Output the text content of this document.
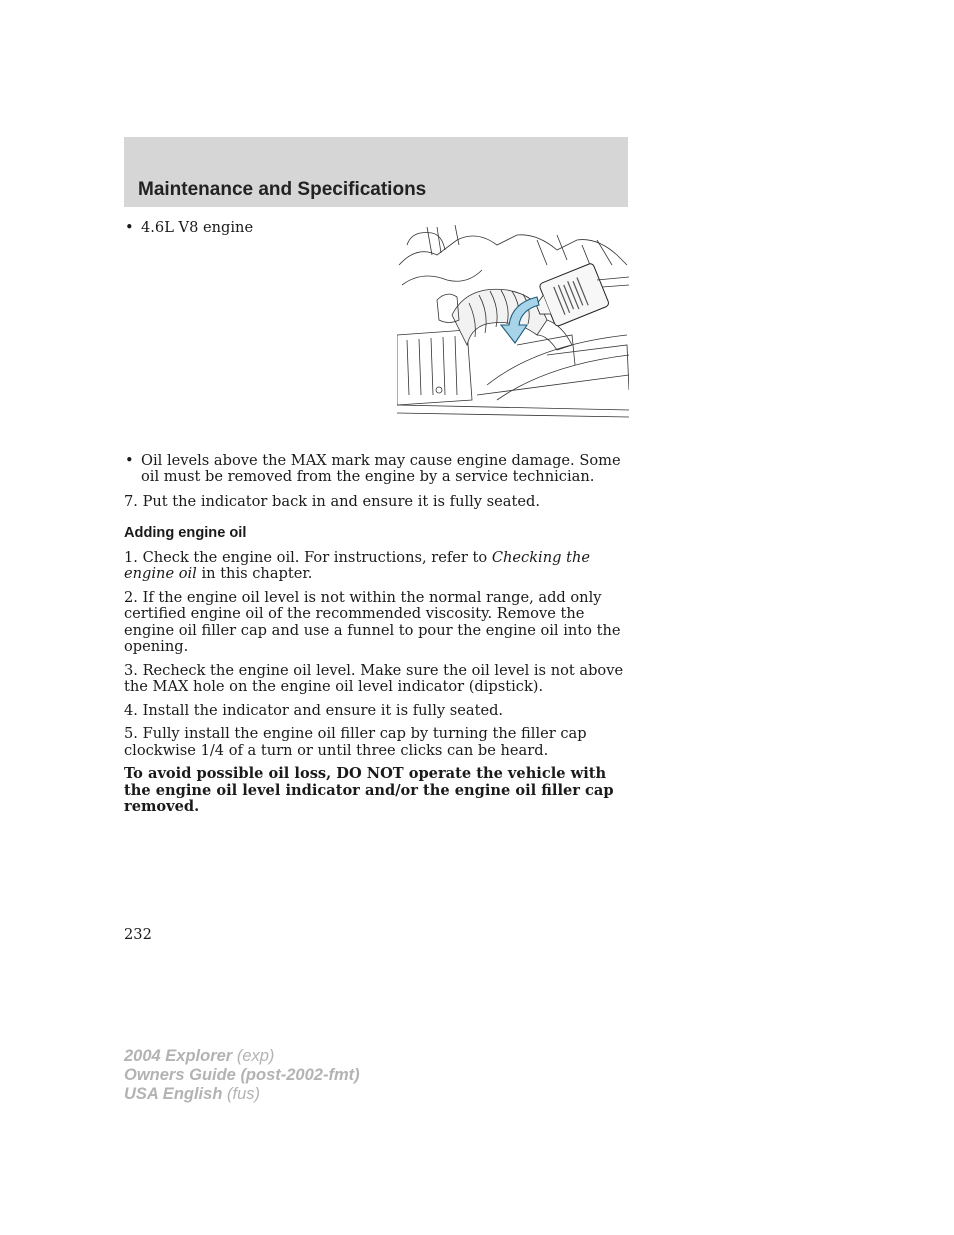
Maintenance and Specifications
• 4.6L V8 engine
• Oil levels above the MAX mark may cause engine damage. Some oil must be removed from the engine by a service technician.

7. Put the indicator back in and ensure it is fully seated.

Adding engine oil

1. Check the engine oil. For instructions, refer to Checking the engine oil in this chapter.

2. If the engine oil level is not within the normal range, add only certified engine oil of the recommended viscosity. Remove the engine oil filler cap and use a funnel to pour the engine oil into the opening.

3. Recheck the engine oil level. Make sure the oil level is not above the MAX hole on the engine oil level indicator (dipstick).

4. Install the indicator and ensure it is fully seated.

5. Fully install the engine oil filler cap by turning the filler cap clockwise 1/4 of a turn or until three clicks can be heard.

To avoid possible oil loss, DO NOT operate the vehicle with the engine oil level indicator and/or the engine oil filler cap removed.

232
2004 Explorer (exp)
Owners Guide (post-2002-fmt)
USA English (fus)
